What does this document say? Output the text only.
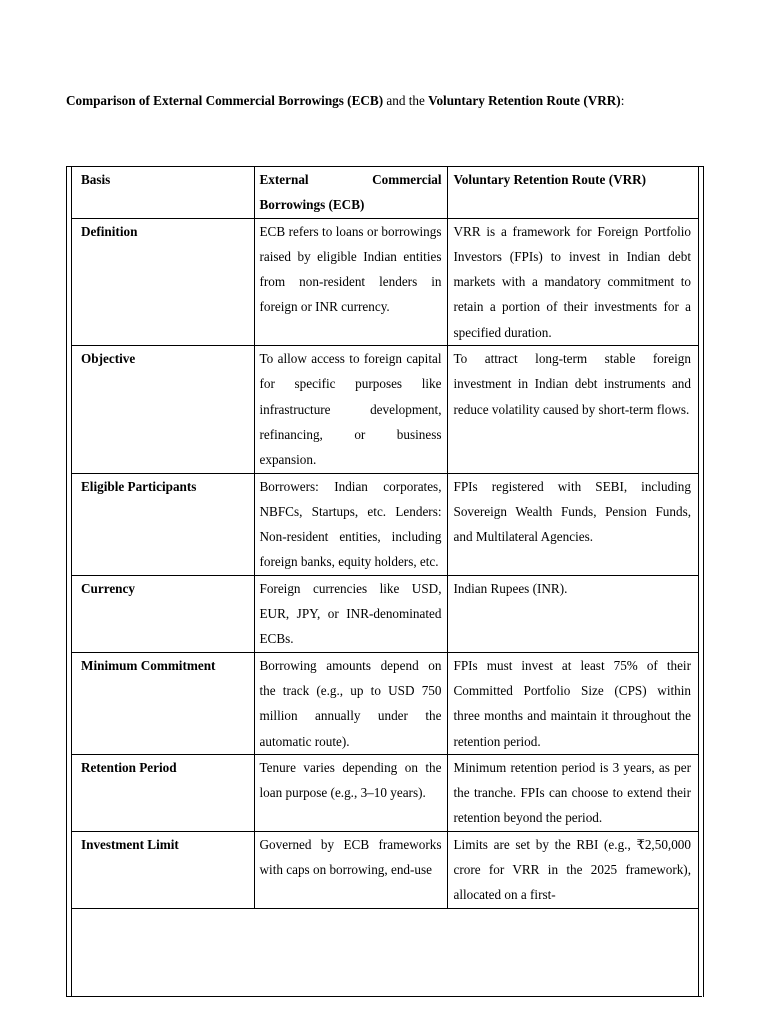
Comparison of External Commercial Borrowings (ECB) and the Voluntary Retention Route (VRR):

Basis	External Commercial Borrowings (ECB)	Voluntary Retention Route (VRR)
Definition	ECB refers to loans or borrowings raised by eligible Indian entities from non-resident lenders in foreign or INR currency.	VRR is a framework for Foreign Portfolio Investors (FPIs) to invest in Indian debt markets with a mandatory commitment to retain a portion of their investments for a specified duration.
Objective	To allow access to foreign capital for specific purposes like infrastructure development, refinancing, or business expansion.	To attract long-term stable foreign investment in Indian debt instruments and reduce volatility caused by short-term flows.
Eligible Participants	Borrowers: Indian corporates, NBFCs, Startups, etc. Lenders: Non-resident entities, including foreign banks, equity holders, etc.	FPIs registered with SEBI, including Sovereign Wealth Funds, Pension Funds, and Multilateral Agencies.
Currency	Foreign currencies like USD, EUR, JPY, or INR-denominated ECBs.	Indian Rupees (INR).
Minimum Commitment	Borrowing amounts depend on the track (e.g., up to USD 750 million annually under the automatic route).	FPIs must invest at least 75% of their Committed Portfolio Size (CPS) within three months and maintain it throughout the retention period.
Retention Period	Tenure varies depending on the loan purpose (e.g., 3–10 years).	Minimum retention period is 3 years, as per the tranche. FPIs can choose to extend their retention beyond the period.
Investment Limit	Governed by ECB frameworks with caps on borrowing, end-use	Limits are set by the RBI (e.g., ₹2,50,000 crore for VRR in the 2025 framework), allocated on a first-
